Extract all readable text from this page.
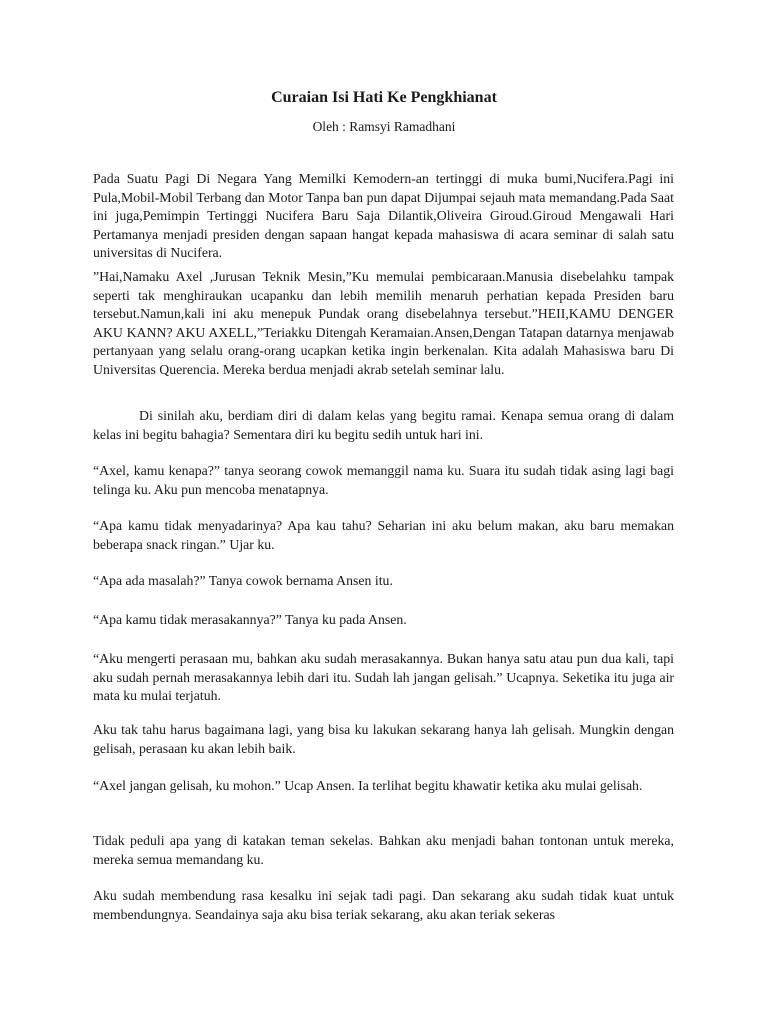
Curaian Isi Hati Ke Pengkhianat

Oleh : Ramsyi Ramadhani

Pada Suatu Pagi Di Negara Yang Memilki Kemodern-an tertinggi di muka bumi,Nucifera.Pagi ini Pula,Mobil-Mobil Terbang dan Motor Tanpa ban pun dapat Dijumpai sejauh mata memandang.Pada Saat ini juga,Pemimpin Tertinggi Nucifera Baru Saja Dilantik,Oliveira Giroud.Giroud Mengawali Hari Pertamanya menjadi presiden dengan sapaan hangat kepada mahasiswa di acara seminar di salah satu universitas di Nucifera.

”Hai,Namaku Axel ,Jurusan Teknik Mesin,”Ku memulai pembicaraan.Manusia disebelahku tampak seperti tak menghiraukan ucapanku dan lebih memilih menaruh perhatian kepada Presiden baru tersebut.Namun,kali ini aku menepuk Pundak orang disebelahnya tersebut.”HEII,KAMU DENGER AKU KANN? AKU AXELL,”Teriakku Ditengah Keramaian.Ansen,Dengan Tatapan datarnya menjawab pertanyaan yang selalu orang-orang ucapkan ketika ingin berkenalan. Kita adalah Mahasiswa baru Di Universitas Querencia. Mereka berdua menjadi akrab setelah seminar lalu.

Di sinilah aku, berdiam diri di dalam kelas yang begitu ramai. Kenapa semua orang di dalam kelas ini begitu bahagia? Sementara diri ku begitu sedih untuk hari ini.

“Axel, kamu kenapa?” tanya seorang cowok memanggil nama ku. Suara itu sudah tidak asing lagi bagi telinga ku. Aku pun mencoba menatapnya.

“Apa kamu tidak menyadarinya? Apa kau tahu? Seharian ini aku belum makan, aku baru memakan beberapa snack ringan.” Ujar ku.

“Apa ada masalah?” Tanya cowok bernama Ansen itu.

“Apa kamu tidak merasakannya?” Tanya ku pada Ansen.

“Aku mengerti perasaan mu, bahkan aku sudah merasakannya. Bukan hanya satu atau pun dua kali, tapi aku sudah pernah merasakannya lebih dari itu. Sudah lah jangan gelisah.” Ucapnya. Seketika itu juga air mata ku mulai terjatuh.

Aku tak tahu harus bagaimana lagi, yang bisa ku lakukan sekarang hanya lah gelisah. Mungkin dengan gelisah, perasaan ku akan lebih baik.

“Axel jangan gelisah, ku mohon.” Ucap Ansen. Ia terlihat begitu khawatir ketika aku mulai gelisah.

Tidak peduli apa yang di katakan teman sekelas. Bahkan aku menjadi bahan tontonan untuk mereka, mereka semua memandang ku.

Aku sudah membendung rasa kesalku ini sejak tadi pagi. Dan sekarang aku sudah tidak kuat untuk membendungnya. Seandainya saja aku bisa teriak sekarang, aku akan teriak sekeras
